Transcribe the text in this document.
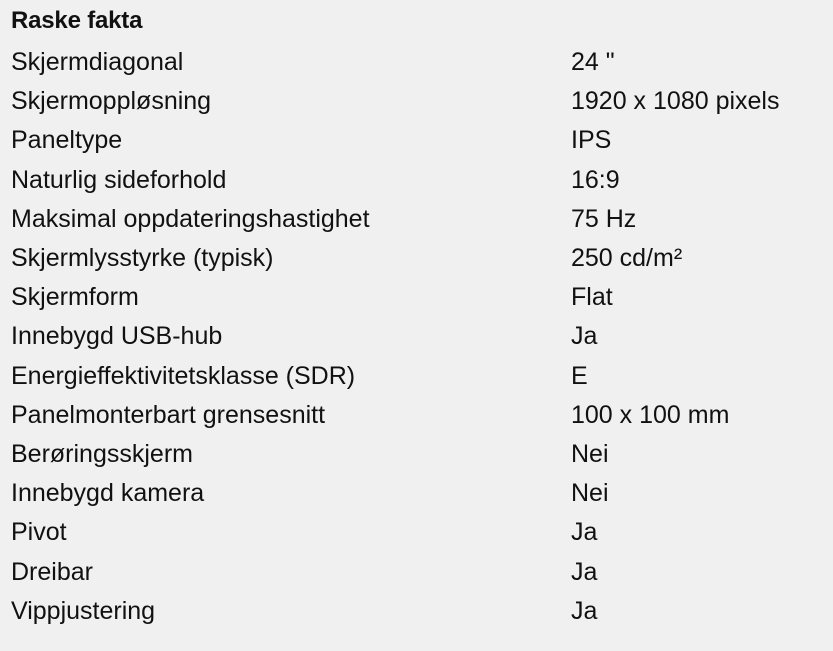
Raske fakta
Skjermdiagonal	24 "
Skjermoppløsning	1920 x 1080 pixels
Paneltype	IPS
Naturlig sideforhold	16:9
Maksimal oppdateringshastighet	75 Hz
Skjermlysstyrke (typisk)	250 cd/m²
Skjermform	Flat
Innebygd USB-hub	Ja
Energieffektivitetsklasse (SDR)	E
Panelmonterbart grensesnitt	100 x 100 mm
Berøringsskjerm	Nei
Innebygd kamera	Nei
Pivot	Ja
Dreibar	Ja
Vippjustering	Ja
